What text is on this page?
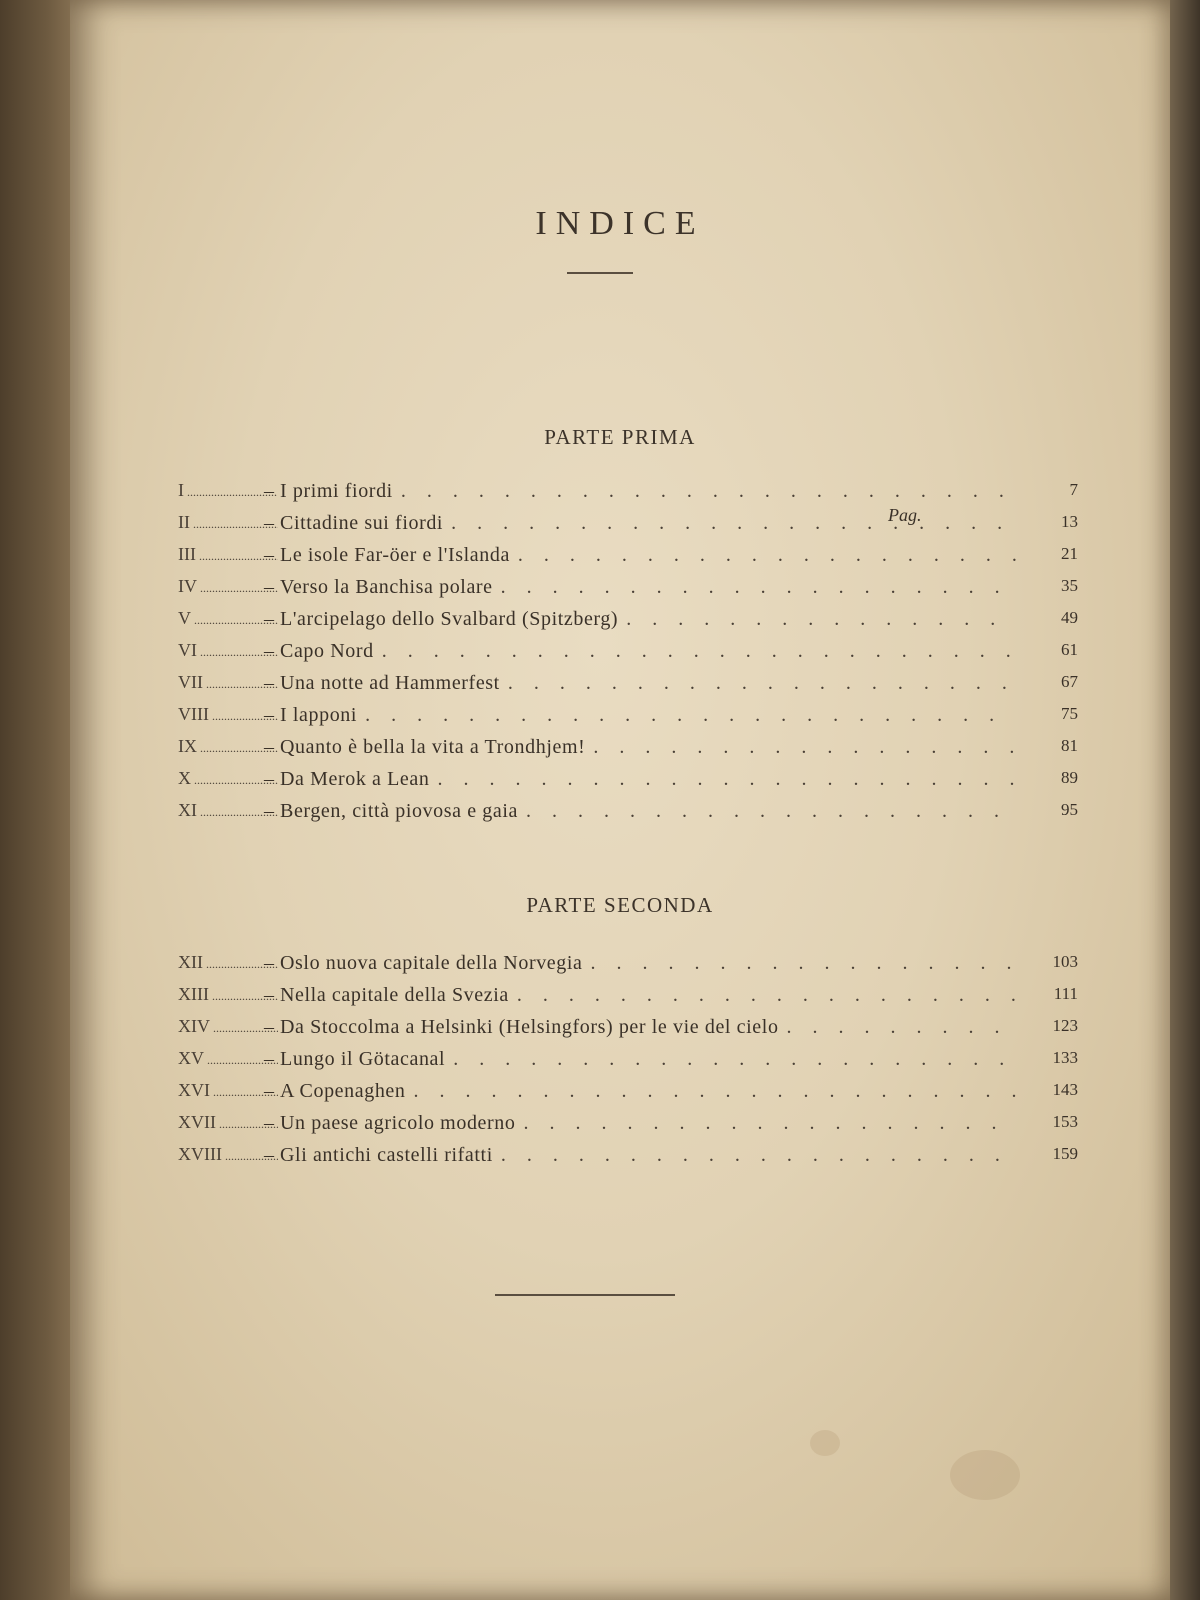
INDICE
PARTE PRIMA
Pag.
I .....	– I primi fiordi . . .	7
II .....	– Cittadine sui fiordi . . .	13
III .....	– Le isole Far-öer e l'Islanda . . .	21
IV .....	– Verso la Banchisa polare . . .	35
V .....	– L'arcipelago dello Svalbard (Spitzberg) . . .	49
VI .....	– Capo Nord . . .	61
VII .....	– Una notte ad Hammerfest . . .	67
VIII .....	– I lapponi . . .	75
IX .....	– Quanto è bella la vita a Trondhjem! . . .	81
X .....	– Da Merok a Lean . . .	89
XI .....	– Bergen, città piovosa e gaia . . .	95
PARTE SECONDA
XII .....	– Oslo nuova capitale della Norvegia . . .	103
XIII .....	– Nella capitale della Svezia . . .	111
XIV .....	– Da Stoccolma a Helsinki (Helsingfors) per le vie del cielo . . .	123
XV .....	– Lungo il Götacanal . . .	133
XVI .....	– A Copenaghen . . .	143
XVII .....	– Un paese agricolo moderno . . .	153
XVIII .....	– Gli antichi castelli rifatti . . .	159
